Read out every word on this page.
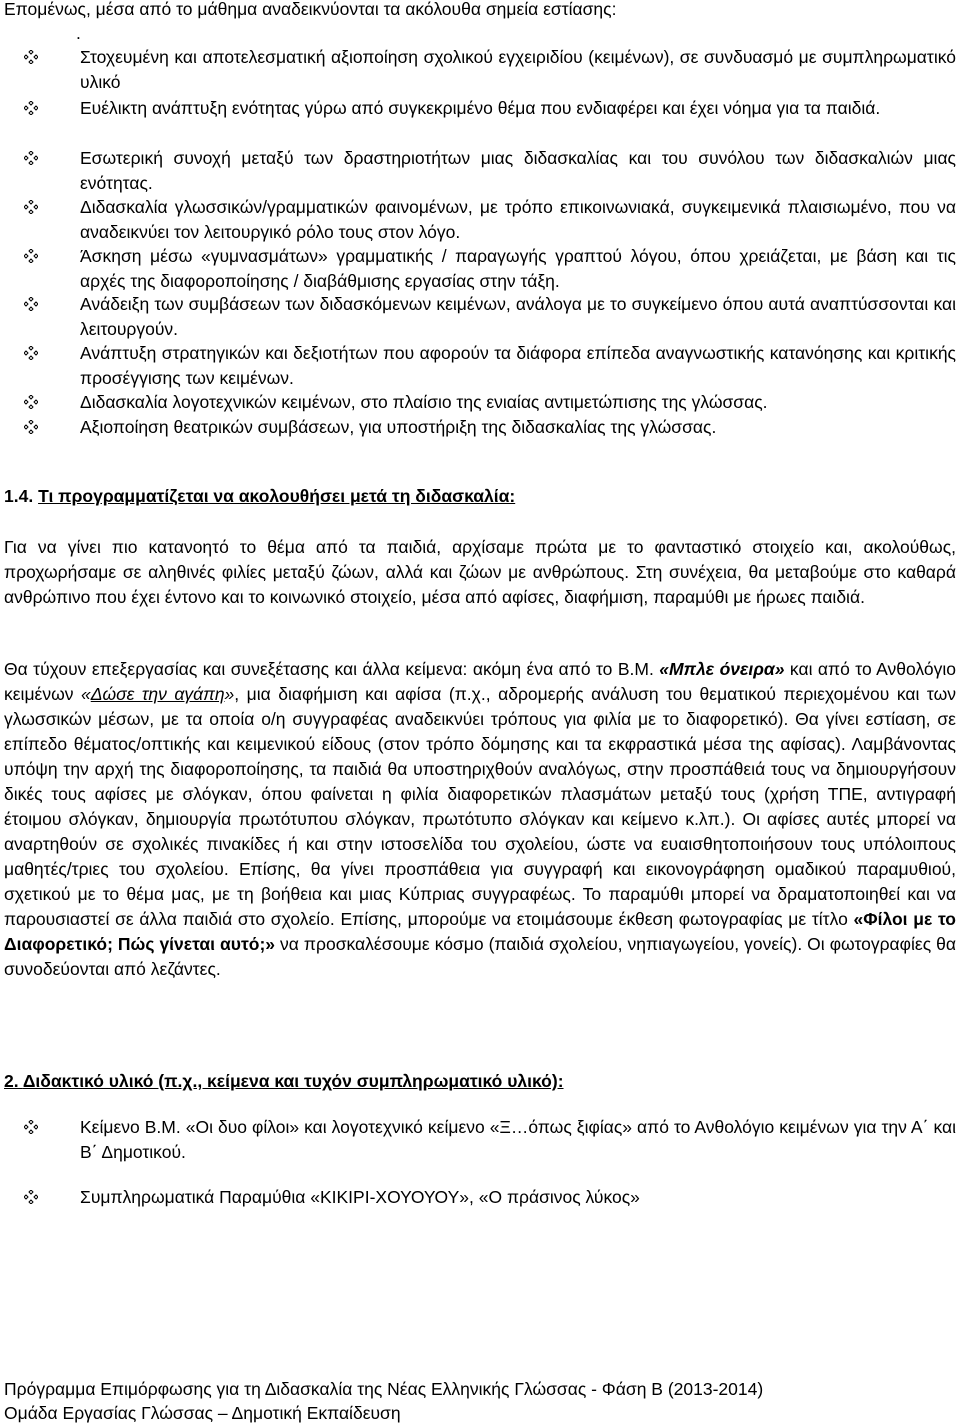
Επομένως, μέσα από το μάθημα αναδεικνύονται τα ακόλουθα σημεία εστίασης:
.
Στοχευμένη και αποτελεσματική αξιοποίηση σχολικού εγχειριδίου (κειμένων), σε συνδυασμό με συμπληρωματικό υλικό
Ευέλικτη ανάπτυξη ενότητας γύρω από συγκεκριμένο θέμα που ενδιαφέρει και έχει νόημα για τα παιδιά.
Εσωτερική συνοχή μεταξύ των δραστηριοτήτων μιας διδασκαλίας και του συνόλου των διδασκαλιών μιας ενότητας.
Διδασκαλία γλωσσικών/γραμματικών φαινομένων, με τρόπο επικοινωνιακά, συγκειμενικά πλαισιωμένο, που να αναδεικνύει τον λειτουργικό ρόλο τους στον λόγο.
Άσκηση μέσω «γυμνασμάτων» γραμματικής / παραγωγής γραπτού λόγου, όπου χρειάζεται, με βάση και τις αρχές της διαφοροποίησης / διαβάθμισης εργασίας στην τάξη.
Ανάδειξη των συμβάσεων των διδασκόμενων κειμένων, ανάλογα με το συγκείμενο όπου αυτά αναπτύσσονται και λειτουργούν.
Ανάπτυξη στρατηγικών και δεξιοτήτων που αφορούν τα διάφορα επίπεδα αναγνωστικής κατανόησης και κριτικής προσέγγισης των κειμένων.
Διδασκαλία λογοτεχνικών κειμένων, στο πλαίσιο της ενιαίας αντιμετώπισης της γλώσσας.
Αξιοποίηση θεατρικών συμβάσεων, για υποστήριξη της διδασκαλίας της γλώσσας.
1.4. Τι προγραμματίζεται να ακολουθήσει μετά τη διδασκαλία:
Για να γίνει πιο κατανοητό το θέμα από τα παιδιά, αρχίσαμε πρώτα με το φανταστικό στοιχείο και, ακολούθως, προχωρήσαμε σε αληθινές φιλίες μεταξύ ζώων, αλλά και ζώων με ανθρώπους. Στη συνέχεια, θα μεταβούμε στο καθαρά ανθρώπινο που έχει έντονο και το κοινωνικό στοιχείο, μέσα από αφίσες, διαφήμιση, παραμύθι με ήρωες παιδιά.
Θα τύχουν επεξεργασίας και συνεξέτασης και άλλα κείμενα: ακόμη ένα από το Β.Μ. «Μπλε όνειρα» και από το Ανθολόγιο κειμένων «Δώσε την αγάπη», μια διαφήμιση και αφίσα (π.χ., αδρομερής ανάλυση του θεματικού περιεχομένου και των γλωσσικών μέσων, με τα οποία ο/η συγγραφέας αναδεικνύει τρόπους για φιλία με το διαφορετικό). Θα γίνει εστίαση, σε επίπεδο θέματος/οπτικής και κειμενικού είδους (στον τρόπο δόμησης και τα εκφραστικά μέσα της αφίσας). Λαμβάνοντας υπόψη την αρχή της διαφοροποίησης, τα παιδιά θα υποστηριχθούν αναλόγως, στην προσπάθειά τους να δημιουργήσουν δικές τους αφίσες με σλόγκαν, όπου φαίνεται η φιλία διαφορετικών πλασμάτων μεταξύ τους (χρήση ΤΠΕ, αντιγραφή έτοιμου σλόγκαν, δημιουργία πρωτότυπου σλόγκαν, πρωτότυπο σλόγκαν και κείμενο κ.λπ.). Οι αφίσες αυτές μπορεί να αναρτηθούν σε σχολικές πινακίδες ή και στην ιστοσελίδα του σχολείου, ώστε να ευαισθητοποιήσουν τους υπόλοιπους μαθητές/τριες του σχολείου. Επίσης, θα γίνει προσπάθεια για συγγραφή και εικονογράφηση ομαδικού παραμυθιού, σχετικού με το θέμα μας, με τη βοήθεια και μιας Κύπριας συγγραφέως. Το παραμύθι μπορεί να δραματοποιηθεί και να παρουσιαστεί σε άλλα παιδιά στο σχολείο. Επίσης, μπορούμε να ετοιμάσουμε έκθεση φωτογραφίας με τίτλο «Φίλοι με το Διαφορετικό; Πώς γίνεται αυτό;» να προσκαλέσουμε κόσμο (παιδιά σχολείου, νηπιαγωγείου, γονείς). Οι φωτογραφίες θα συνοδεύονται από λεζάντες.
2. Διδακτικό υλικό (π.χ., κείμενα και τυχόν συμπληρωματικό υλικό):
Κείμενο Β.Μ. «Οι δυο φίλοι» και λογοτεχνικό κείμενο «Ξ…όπως ξιφίας» από το Ανθολόγιο κειμένων για την Α΄ και Β΄ Δημοτικού.
Συμπληρωματικά Παραμύθια «ΚΙΚΙΡΙ-ΧΟΥΟΥΟΥ», «Ο πράσινος λύκος»
Πρόγραμμα Επιμόρφωσης για τη Διδασκαλία της Νέας Ελληνικής Γλώσσας - Φάση Β (2013-2014)
Ομάδα Εργασίας Γλώσσας – Δημοτική Εκπαίδευση
